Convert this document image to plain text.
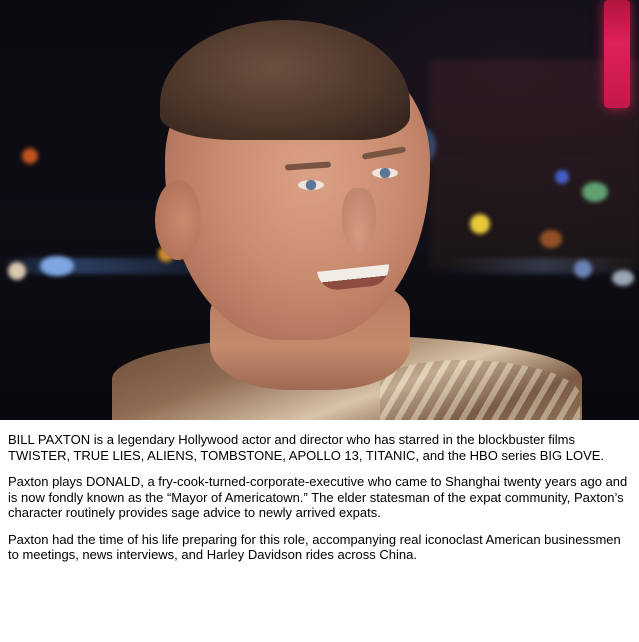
BILL PAXTON is a legendary Hollywood actor and director who has starred in the blockbuster films TWISTER, TRUE LIES, ALIENS, TOMBSTONE, APOLLO 13, TITANIC, and the HBO series BIG LOVE.

Paxton plays DONALD, a fry-cook-turned-corporate-executive who came to Shanghai twenty years ago and is now fondly known as the “Mayor of Americatown.” The elder statesman of the expat community, Paxton’s character routinely provides sage advice to newly arrived expats.

Paxton had the time of his life preparing for this role, accompanying real iconoclast American businessmen to meetings, news interviews, and Harley Davidson rides across China.
